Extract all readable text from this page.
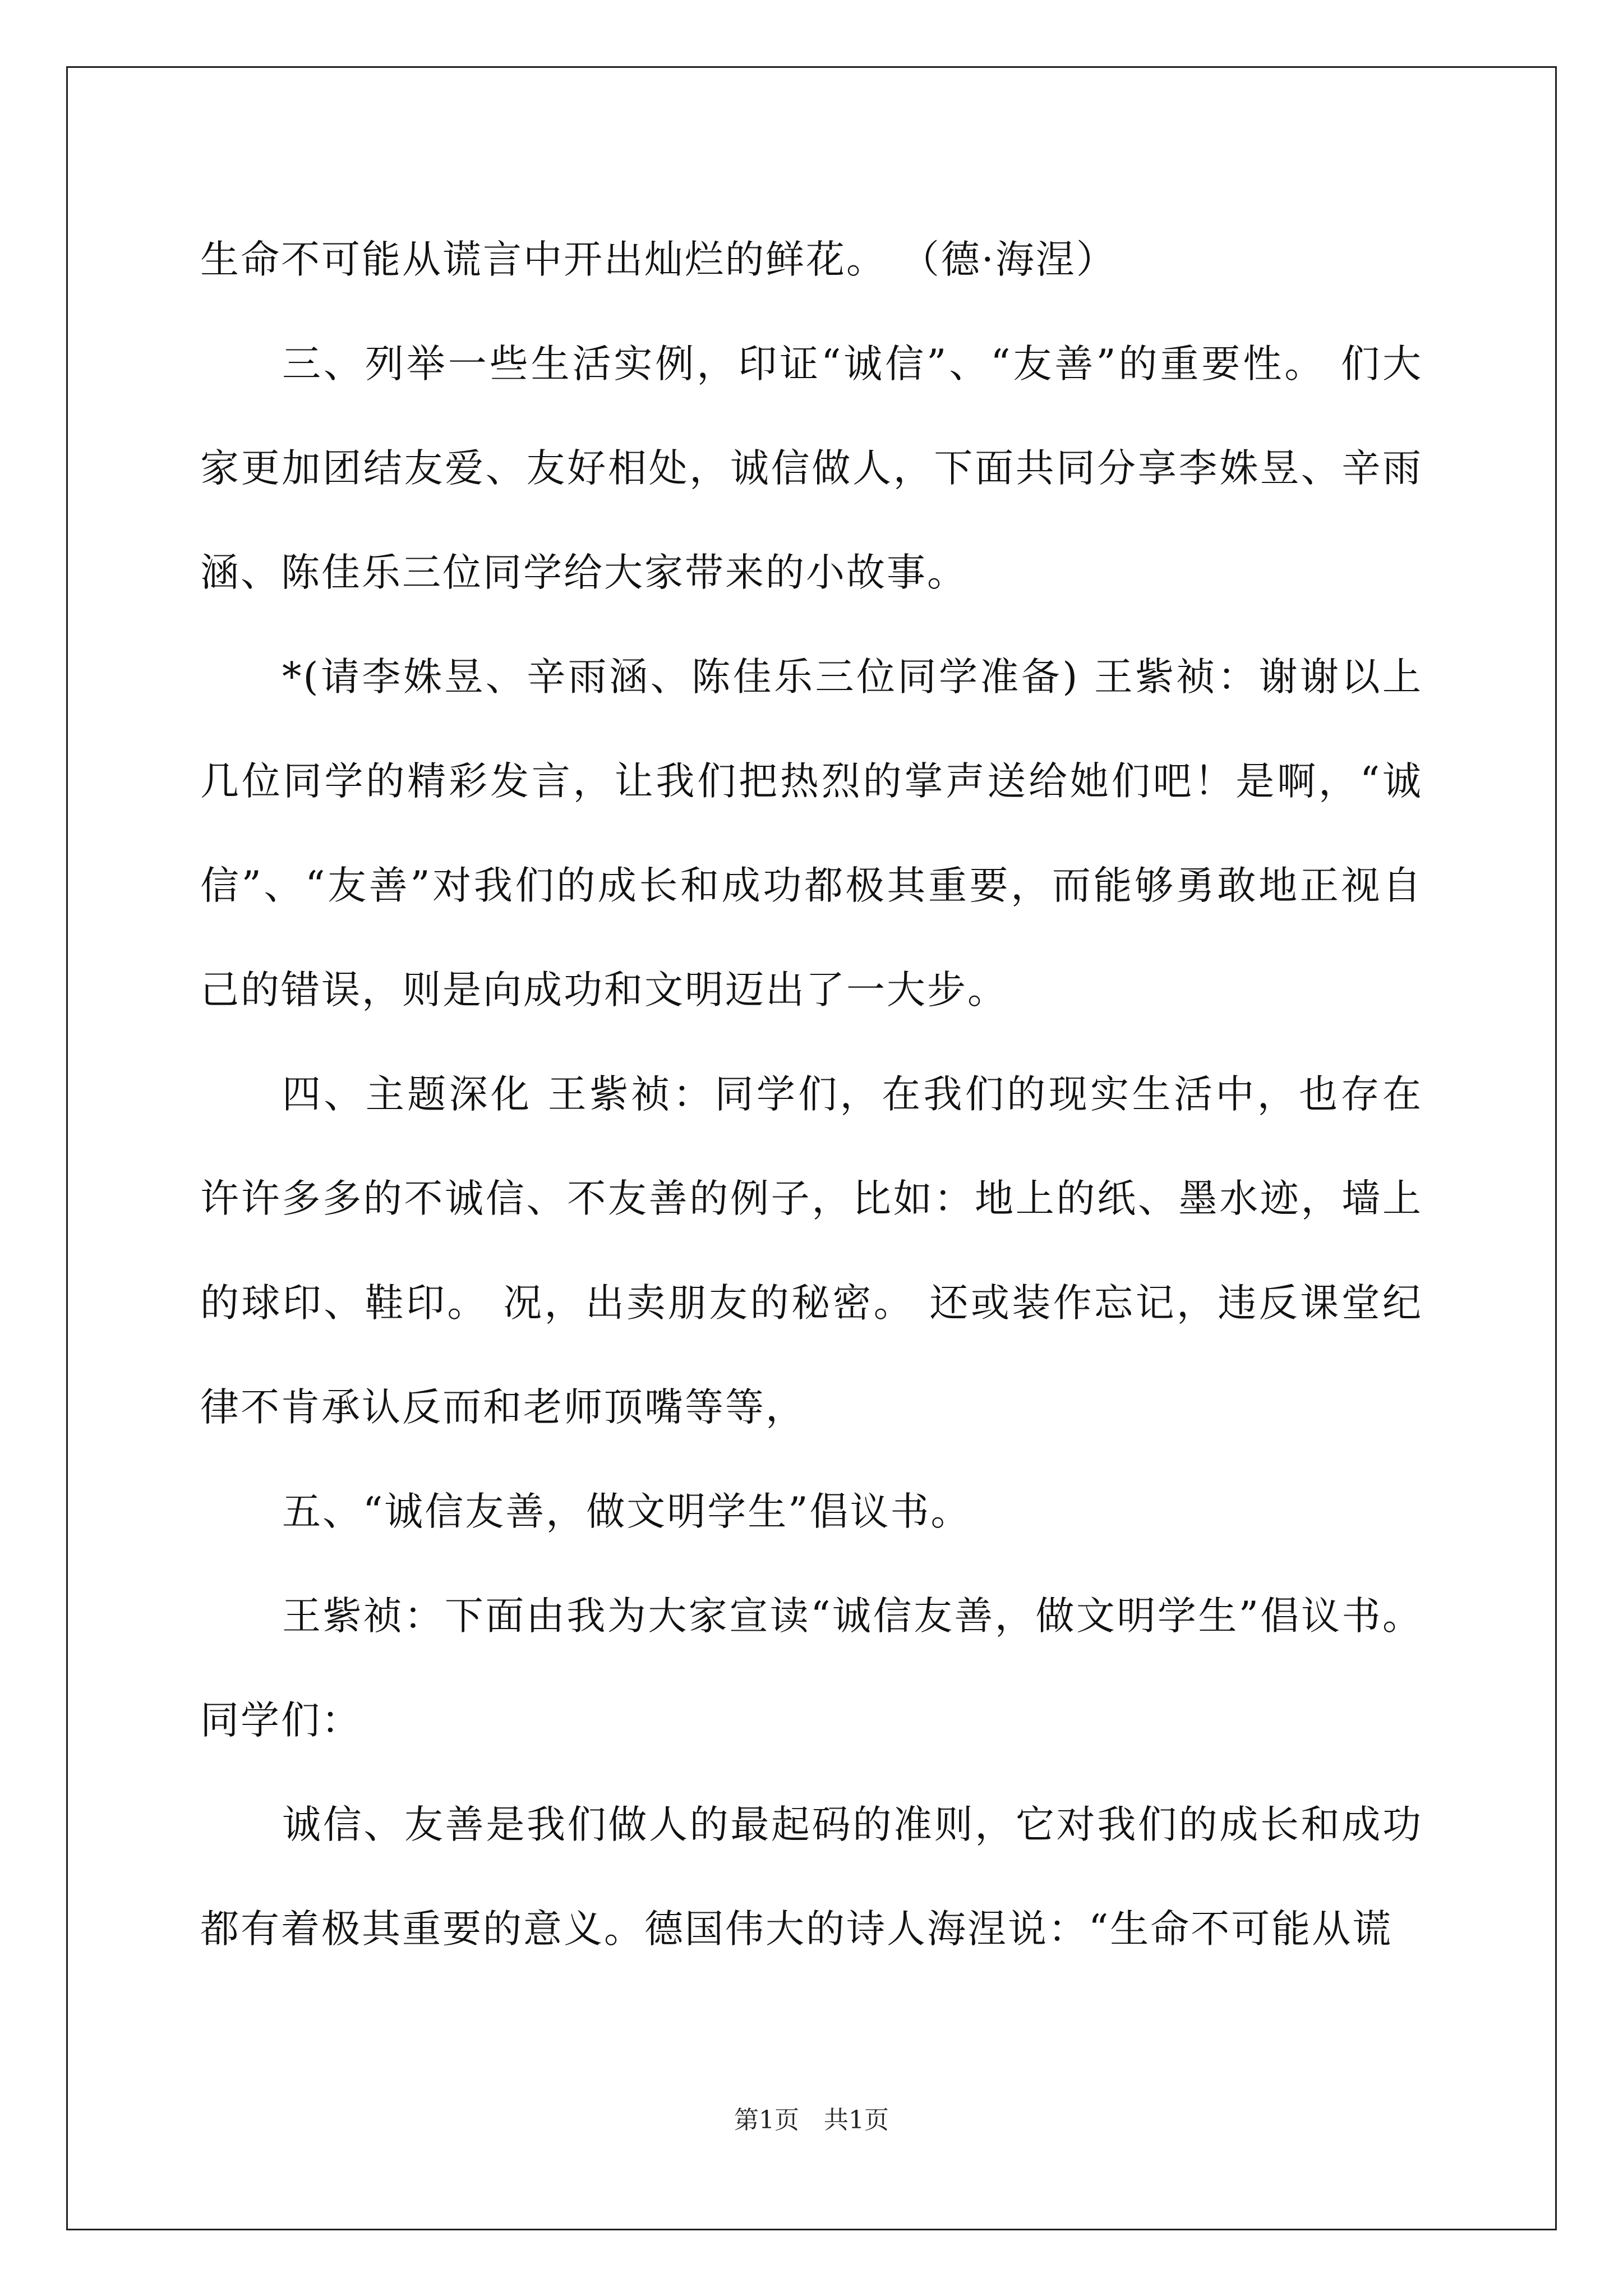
生命不可能从谎言中开出灿烂的鲜花。 （德·海涅）

三、列举一些生活实例，印证“诚信”、“友善”的重要性。 们大家更加团结友爱、友好相处，诚信做人，下面共同分享李姝昱、辛雨涵、陈佳乐三位同学给大家带来的小故事。

*(请李姝昱、辛雨涵、陈佳乐三位同学准备) 王紫祯：谢谢以上几位同学的精彩发言，让我们把热烈的掌声送给她们吧！是啊，“诚信”、“友善”对我们的成长和成功都极其重要，而能够勇敢地正视自己的错误，则是向成功和文明迈出了一大步。

四、主题深化 王紫祯：同学们，在我们的现实生活中，也存在许许多多的不诚信、不友善的例子，比如：地上的纸、墨水迹，墙上的球印、鞋印。 况，出卖朋友的秘密。 还或装作忘记，违反课堂纪律不肯承认反而和老师顶嘴等等，

五、“诚信友善，做文明学生”倡议书。

王紫祯：下面由我为大家宣读“诚信友善，做文明学生”倡议书。同学们：

诚信、友善是我们做人的最起码的准则，它对我们的成长和成功都有着极其重要的意义。德国伟大的诗人海涅说：“生命不可能从谎

第1页　共1页
